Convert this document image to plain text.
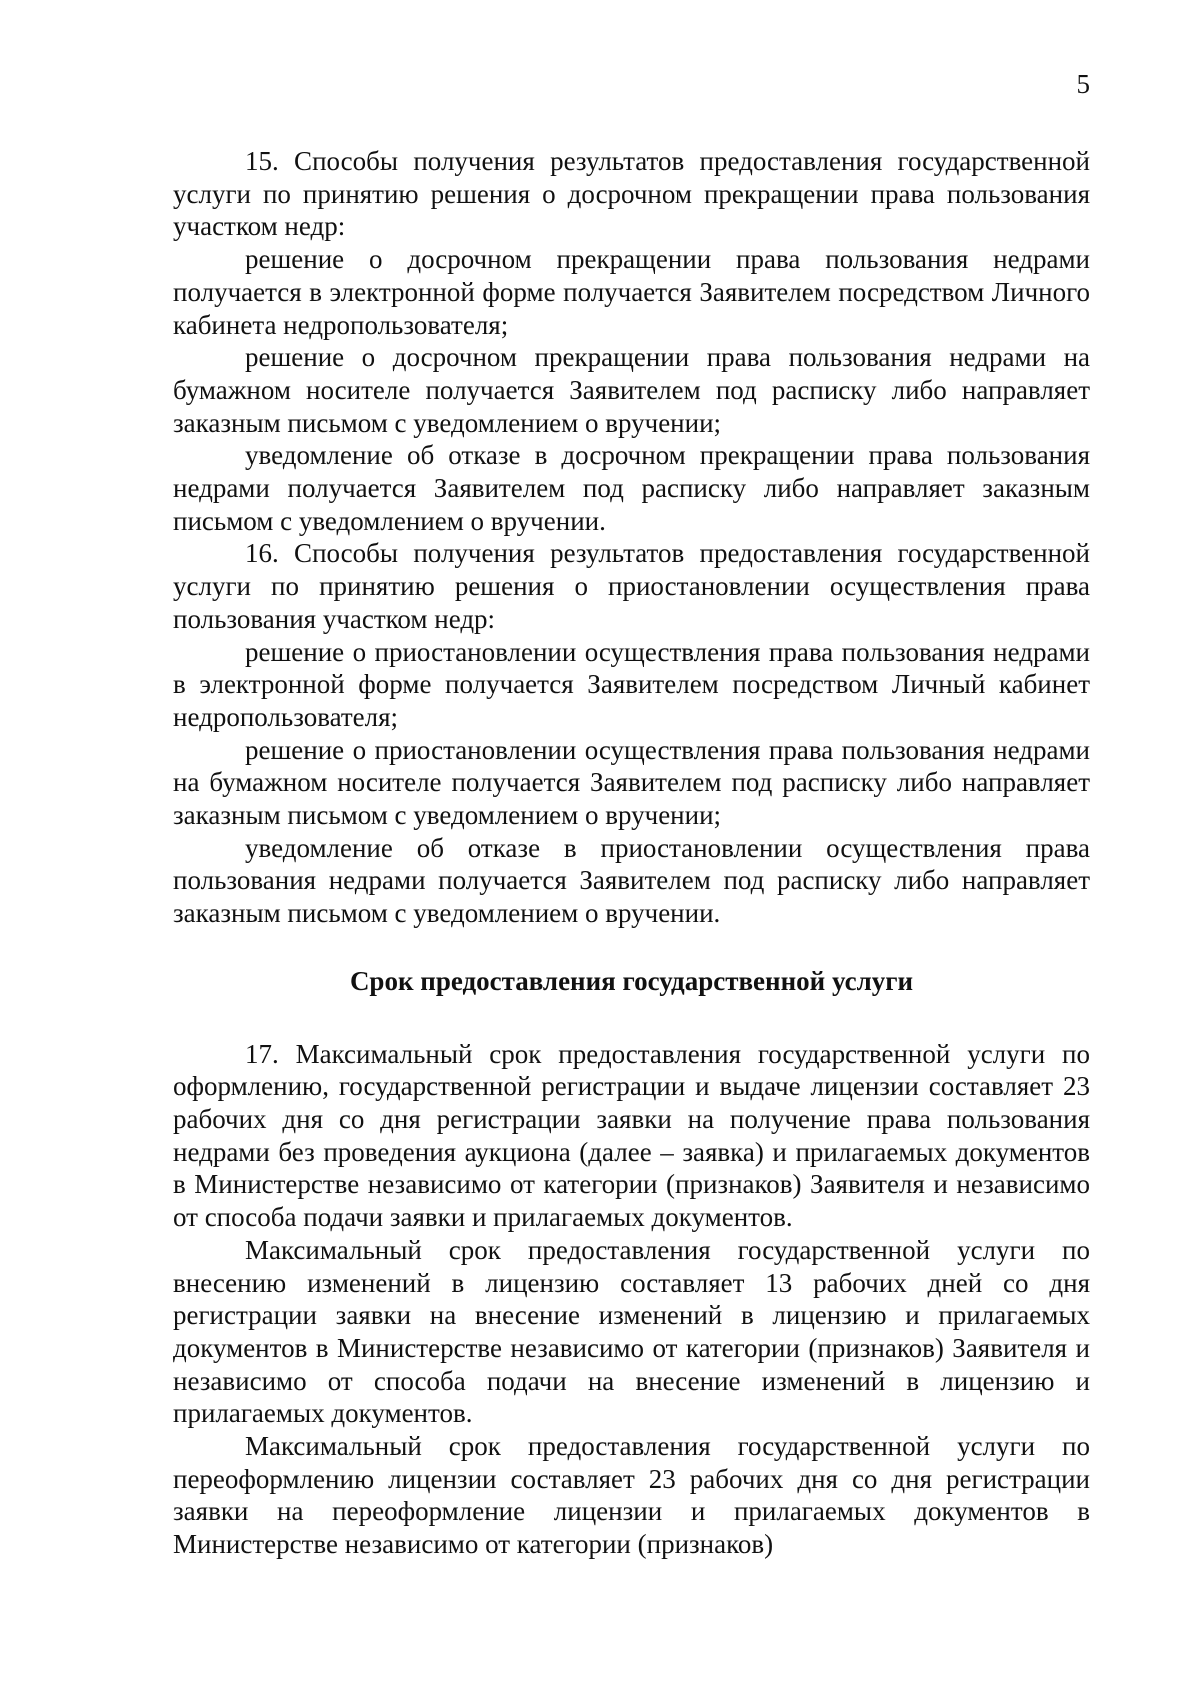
5

15. Способы получения результатов предоставления государственной услуги по принятию решения о досрочном прекращении права пользования участком недр:

решение о досрочном прекращении права пользования недрами получается в электронной форме получается Заявителем посредством Личного кабинета недропользователя;

решение о досрочном прекращении права пользования недрами на бумажном носителе получается Заявителем под расписку либо направляет заказным письмом с уведомлением о вручении;

уведомление об отказе в досрочном прекращении права пользования недрами получается Заявителем под расписку либо направляет заказным письмом с уведомлением о вручении.

16. Способы получения результатов предоставления государственной услуги по принятию решения о приостановлении осуществления права пользования участком недр:

решение о приостановлении осуществления права пользования недрами в электронной форме получается Заявителем посредством Личный кабинет недропользователя;

решение о приостановлении осуществления права пользования недрами на бумажном носителе получается Заявителем под расписку либо направляет заказным письмом с уведомлением о вручении;

уведомление об отказе в приостановлении осуществления права пользования недрами получается Заявителем под расписку либо направляет заказным письмом с уведомлением о вручении.

Срок предоставления государственной услуги

17. Максимальный срок предоставления государственной услуги по оформлению, государственной регистрации и выдаче лицензии составляет 23 рабочих дня со дня регистрации заявки на получение права пользования недрами без проведения аукциона (далее – заявка) и прилагаемых документов в Министерстве независимо от категории (признаков) Заявителя и независимо от способа подачи заявки и прилагаемых документов.

Максимальный срок предоставления государственной услуги по внесению изменений в лицензию составляет 13 рабочих дней со дня регистрации заявки на внесение изменений в лицензию и прилагаемых документов в Министерстве независимо от категории (признаков) Заявителя и независимо от способа подачи на внесение изменений в лицензию и прилагаемых документов.

Максимальный срок предоставления государственной услуги по переоформлению лицензии составляет 23 рабочих дня со дня регистрации заявки на переоформление лицензии и прилагаемых документов в Министерстве независимо от категории (признаков)
